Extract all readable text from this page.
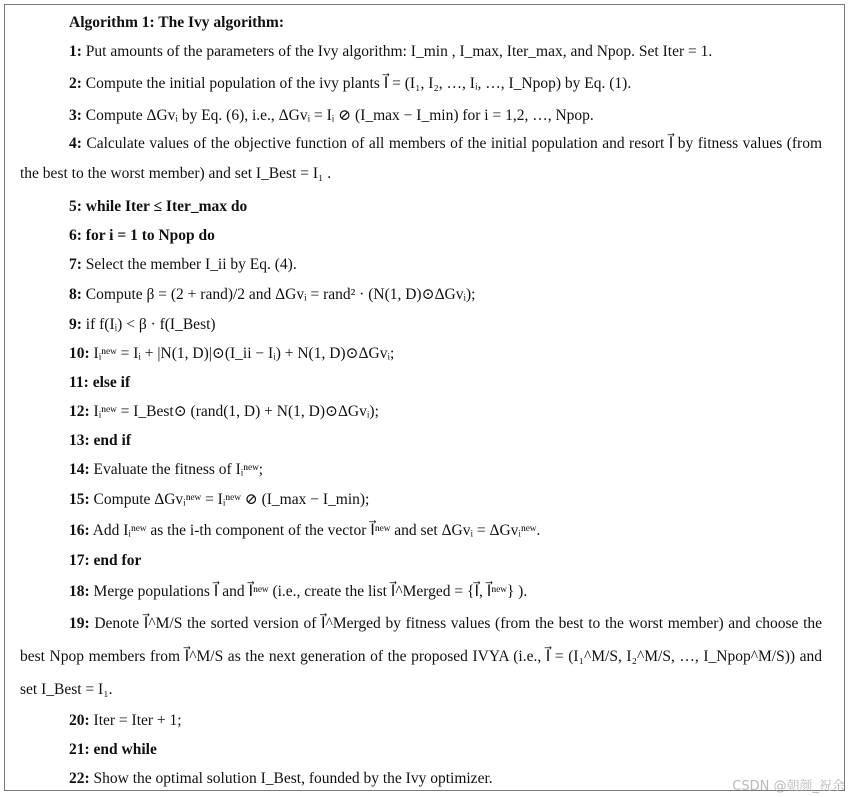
Algorithm 1: The Ivy algorithm:
1: Put amounts of the parameters of the Ivy algorithm: I_min , I_max, Iter_max, and Npop. Set Iter = 1.
2: Compute the initial population of the ivy plants I⃗ = (I₁, I₂, …, Iᵢ, …, I_Npop) by Eq. (1).
3: Compute ΔGvᵢ by Eq. (6), i.e., ΔGvᵢ = Iᵢ ⊘ (I_max − I_min) for i = 1,2, …, Npop.
4: Calculate values of the objective function of all members of the initial population and resort I⃗ by fitness values (from the best to the worst member) and set I_Best = I₁ .
5: while Iter ≤ Iter_max do
6: for i = 1 to Npop do
7: Select the member I_ii by Eq. (4).
8: Compute β = (2 + rand)/2 and ΔGvᵢ = rand² · (N(1, D)⊙ΔGvᵢ);
9: if f(Iᵢ) < β · f(I_Best)
10: Iᵢⁿᵉʷ = Iᵢ + |N(1, D)|⊙(I_ii − Iᵢ) + N(1, D)⊙ΔGvᵢ;
11: else if
12: Iᵢⁿᵉʷ = I_Best⊙ (rand(1, D) + N(1, D)⊙ΔGvᵢ);
13: end if
14: Evaluate the fitness of Iᵢⁿᵉʷ;
15: Compute ΔGvᵢⁿᵉʷ = Iᵢⁿᵉʷ ⊘ (I_max − I_min);
16: Add Iᵢⁿᵉʷ as the i-th component of the vector I⃗ⁿᵉʷ and set ΔGvᵢ = ΔGvᵢⁿᵉʷ.
17: end for
18: Merge populations I⃗ and I⃗ⁿᵉʷ (i.e., create the list I⃗^Merged = {I⃗, I⃗ⁿᵉʷ} ).
19: Denote I⃗^M/S the sorted version of I⃗^Merged by fitness values (from the best to the worst member) and choose the best Npop members from I⃗^M/S as the next generation of the proposed IVYA (i.e., I⃗ = (I₁^M/S, I₂^M/S, …, I_Npop^M/S)) and set I_Best = I₁.
20: Iter = Iter + 1;
21: end while
22: Show the optimal solution I_Best, founded by the Ivy optimizer.	CSDN @朝颜_祝余
